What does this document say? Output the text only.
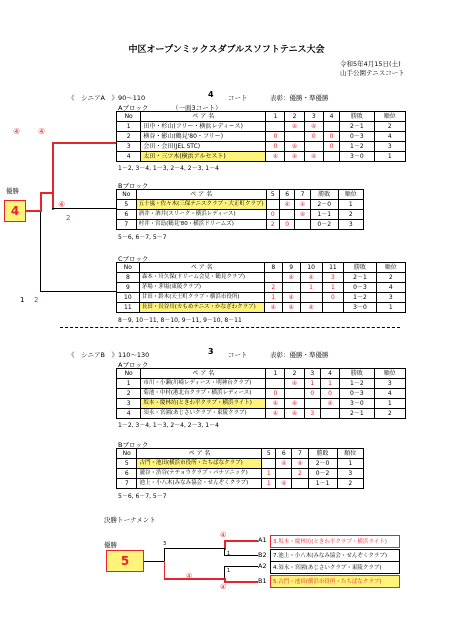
中区オープンミックスダブルスソフトテニス大会
令和5年4月15日(土)
山手公園テニスコート
《　シニアA　》90～110	4 コート	表彰：優勝・準優勝
Aブロック	（一面3コート）
No	ペ ア 名	1	2	3	4	勝敗	順位
1	田中・杉山(フリー・横浜レディース)		④	④		2－1	2
2	横谷・影山(鶴見'80・フリー)	0		0	0	0－3	4
3	会田・会田(JEL STC)	0	④		0	1－2	3
4	太田・三ツ木(横浜アルセスト)	④	④	④		3－0	1
1－2, 3－4, 1－3, 2－4, 2－3, 1－4
Bブロック
No	ペ ア 名	5	6	7	勝敗	順位
5	五十嵐・佐々木(三保テニスクラブ・大正町クラブ)		④	④	2－0	1
6	酒井・酒井(スリーク・横浜レディース)	0		④	1－1	2
7	村井・宮島(鶴見'80・横浜ドリームズ)	2	0		0－2	3
5－6, 6－7, 5－7
Cブロック
No	ペ ア 名	8	9	10	11	勝敗	順位
8	森本・川久保(ドリーム会見・鶴見クラブ)		④	④	3	2－1	2
9	茅場・茅場(東陵クラブ)	2		1	1	0－3	4
10	甘田・鈴木(天王町クラブ・横浜市役所)	1	④		0	1－2	3
11	長田・長谷川(カもめテニス・かなざわクラブ)	④	④	④		3－0	1
8－9, 10－11, 8－10, 9－11, 9－10, 8－11
④ ④
④
2
1 2
優勝
4
《　シニアB　》110～130	3 コート	表彰：優勝・準優勝
Aブロック
No	ペ ア 名	1	2	3	4	勝敗	順位
1	市川・小瀬(川崎レディース・明神台クラブ)		④	1	1	1－2	3
2	菊池・中村(港北台クラブ・横浜レディース)	0		0	0	0－3	4
3	坂本・慶林坊(ときわ平クラブ・横浜ライト)	④	④		④	3－0	1
4	須永・宮園(あじさいクラブ・東陵クラブ)	④	④	3		2－1	2
1－2, 3－4, 1－3, 2－4, 2－3, 1－4
Bブロック
No	ペ ア 名	5	6	7	勝敗	順位
5	古門・池田(横浜市役所・たちばなクラブ)		④	④	2－0	1
6	瀧谷・渋谷(ナチョウクラブ・パナソニック)	1		2	0－2	3
7	池上・小八木(みなみ協会・せんぞくクラブ)	1	④		1－1	2
5－6, 6－7, 5－7
決勝トーナメント
優勝
5
3
④
④
1
1
④
A1
B2
A2
B1
3.坂本・慶林坊(ときわ平クラブ・横浜ライト)
7.池上・小八木(みなみ協会・せんぞくクラブ)
4.須永・宮園(あじさいクラブ・東陵クラブ)
5.古門・池田(横浜市役所・たちばなクラブ)
